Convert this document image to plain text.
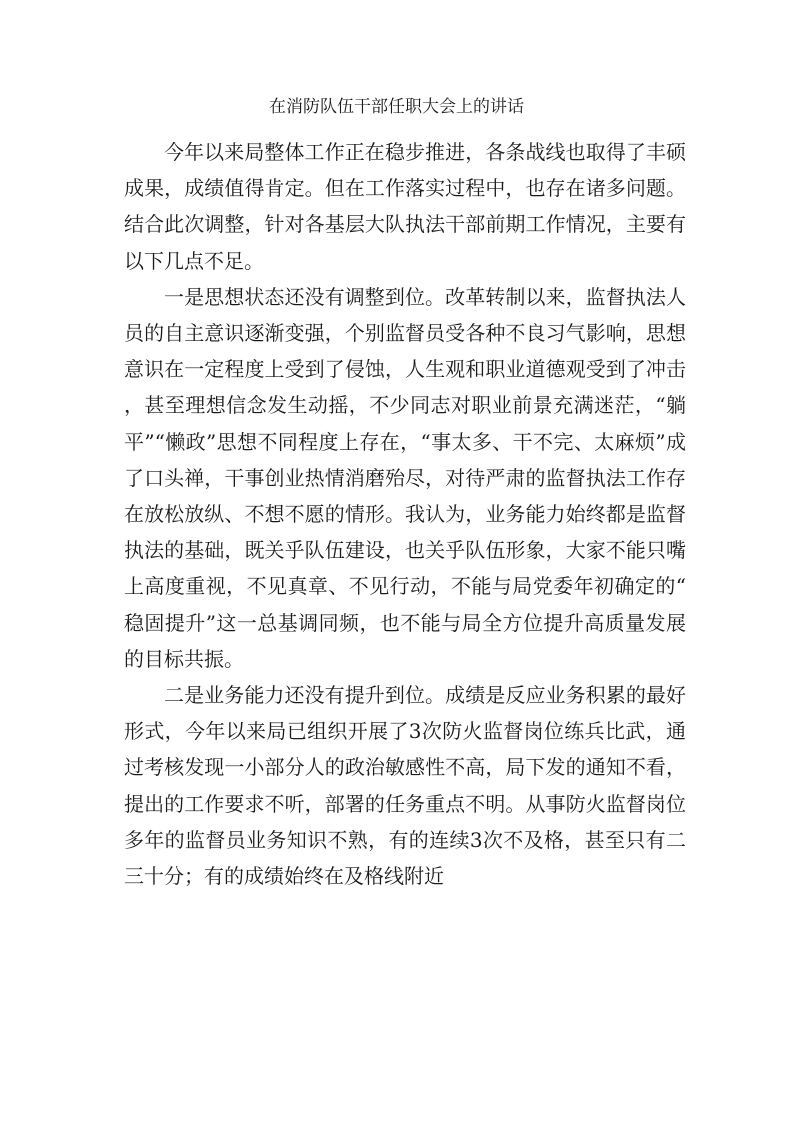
在消防队伍干部任职大会上的讲话

今年以来局整体工作正在稳步推进，各条战线也取得了丰硕成果，成绩值得肯定。但在工作落实过程中，也存在诸多问题。结合此次调整，针对各基层大队执法干部前期工作情况，主要有以下几点不足。

一是思想状态还没有调整到位。改革转制以来，监督执法人员的自主意识逐渐变强，个别监督员受各种不良习气影响，思想意识在一定程度上受到了侵蚀，人生观和职业道德观受到了冲击，甚至理想信念发生动摇，不少同志对职业前景充满迷茫，“躺平”“懒政”思想不同程度上存在，“事太多、干不完、太麻烦”成了口头禅，干事创业热情消磨殆尽，对待严肃的监督执法工作存在放松放纵、不想不愿的情形。我认为，业务能力始终都是监督执法的基础，既关乎队伍建设，也关乎队伍形象，大家不能只嘴上高度重视，不见真章、不见行动，不能与局党委年初确定的“稳固提升”这一总基调同频，也不能与局全方位提升高质量发展的目标共振。

二是业务能力还没有提升到位。成绩是反应业务积累的最好形式，今年以来局已组织开展了3次防火监督岗位练兵比武，通过考核发现一小部分人的政治敏感性不高，局下发的通知不看，提出的工作要求不听，部署的任务重点不明。从事防火监督岗位多年的监督员业务知识不熟，有的连续3次不及格，甚至只有二三十分；有的成绩始终在及格线附近
